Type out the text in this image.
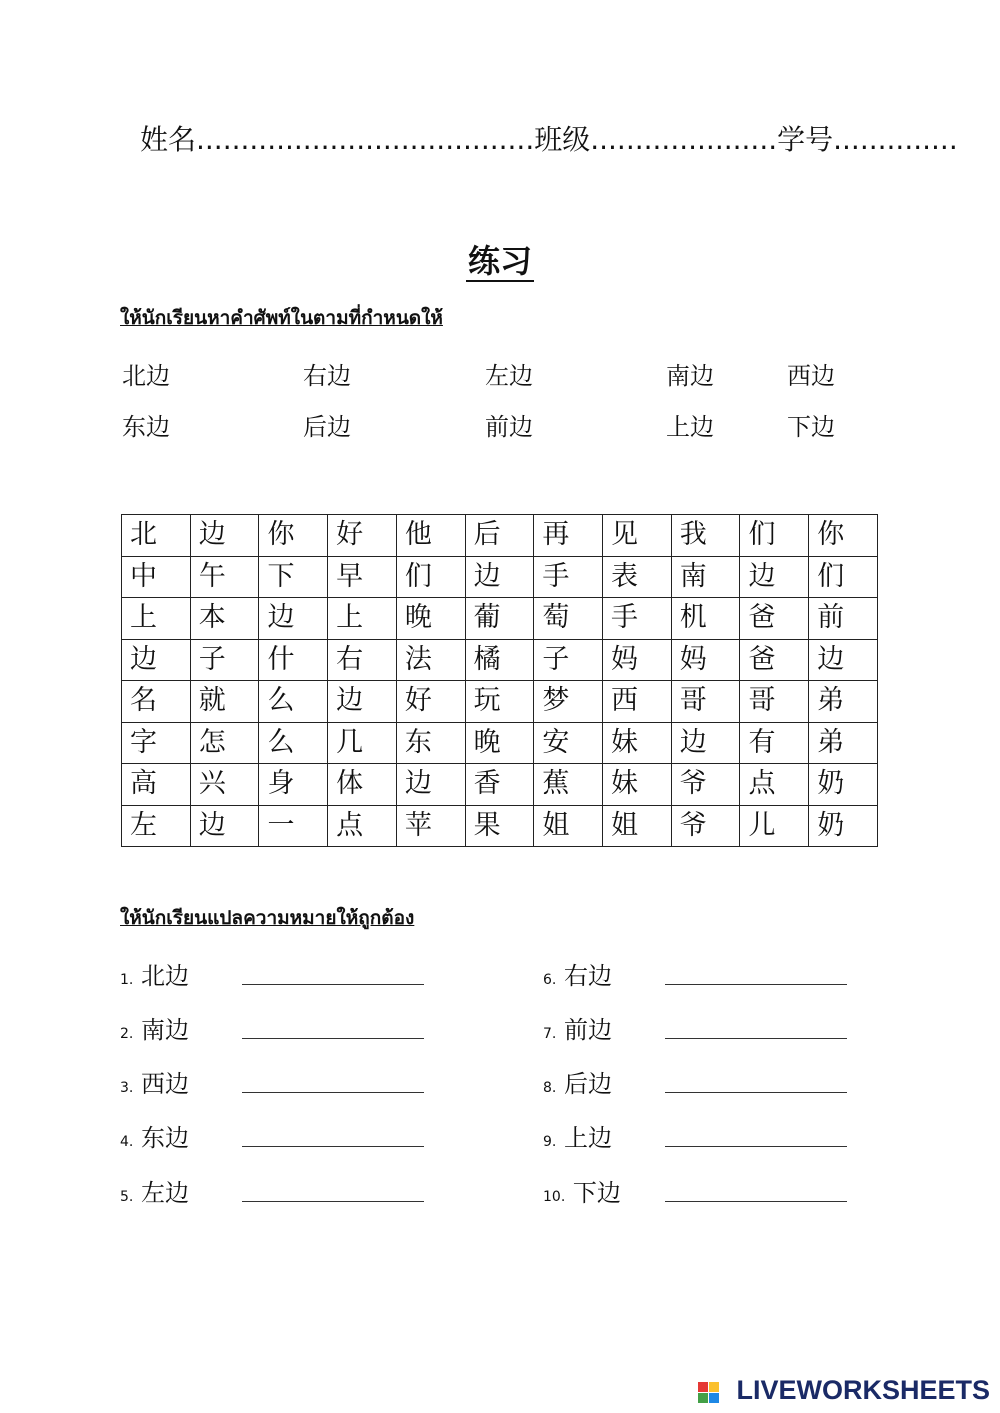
姓名......................................班级.....................学号..............
练习
ให้นักเรียนหาคำศัพท์ในตามที่กำหนดให้
北边	右边	左边	南边	西边
东边	后边	前边	上边	下边
北	边	你	好	他	后	再	见	我	们	你
中	午	下	早	们	边	手	表	南	边	们
上	本	边	上	晚	葡	萄	手	机	爸	前
边	子	什	右	法	橘	子	妈	妈	爸	边
名	就	么	边	好	玩	梦	西	哥	哥	弟
字	怎	么	几	东	晚	安	妹	边	有	弟
高	兴	身	体	边	香	蕉	妹	爷	点	奶
左	边	一	点	苹	果	姐	姐	爷	儿	奶
ให้นักเรียนแปลความหมายให้ถูกต้อง
1. 北边
2. 南边
3. 西边
4. 东边
5. 左边
6. 右边
7. 前边
8. 后边
9. 上边
10. 下边
LIVEWORKSHEETS
